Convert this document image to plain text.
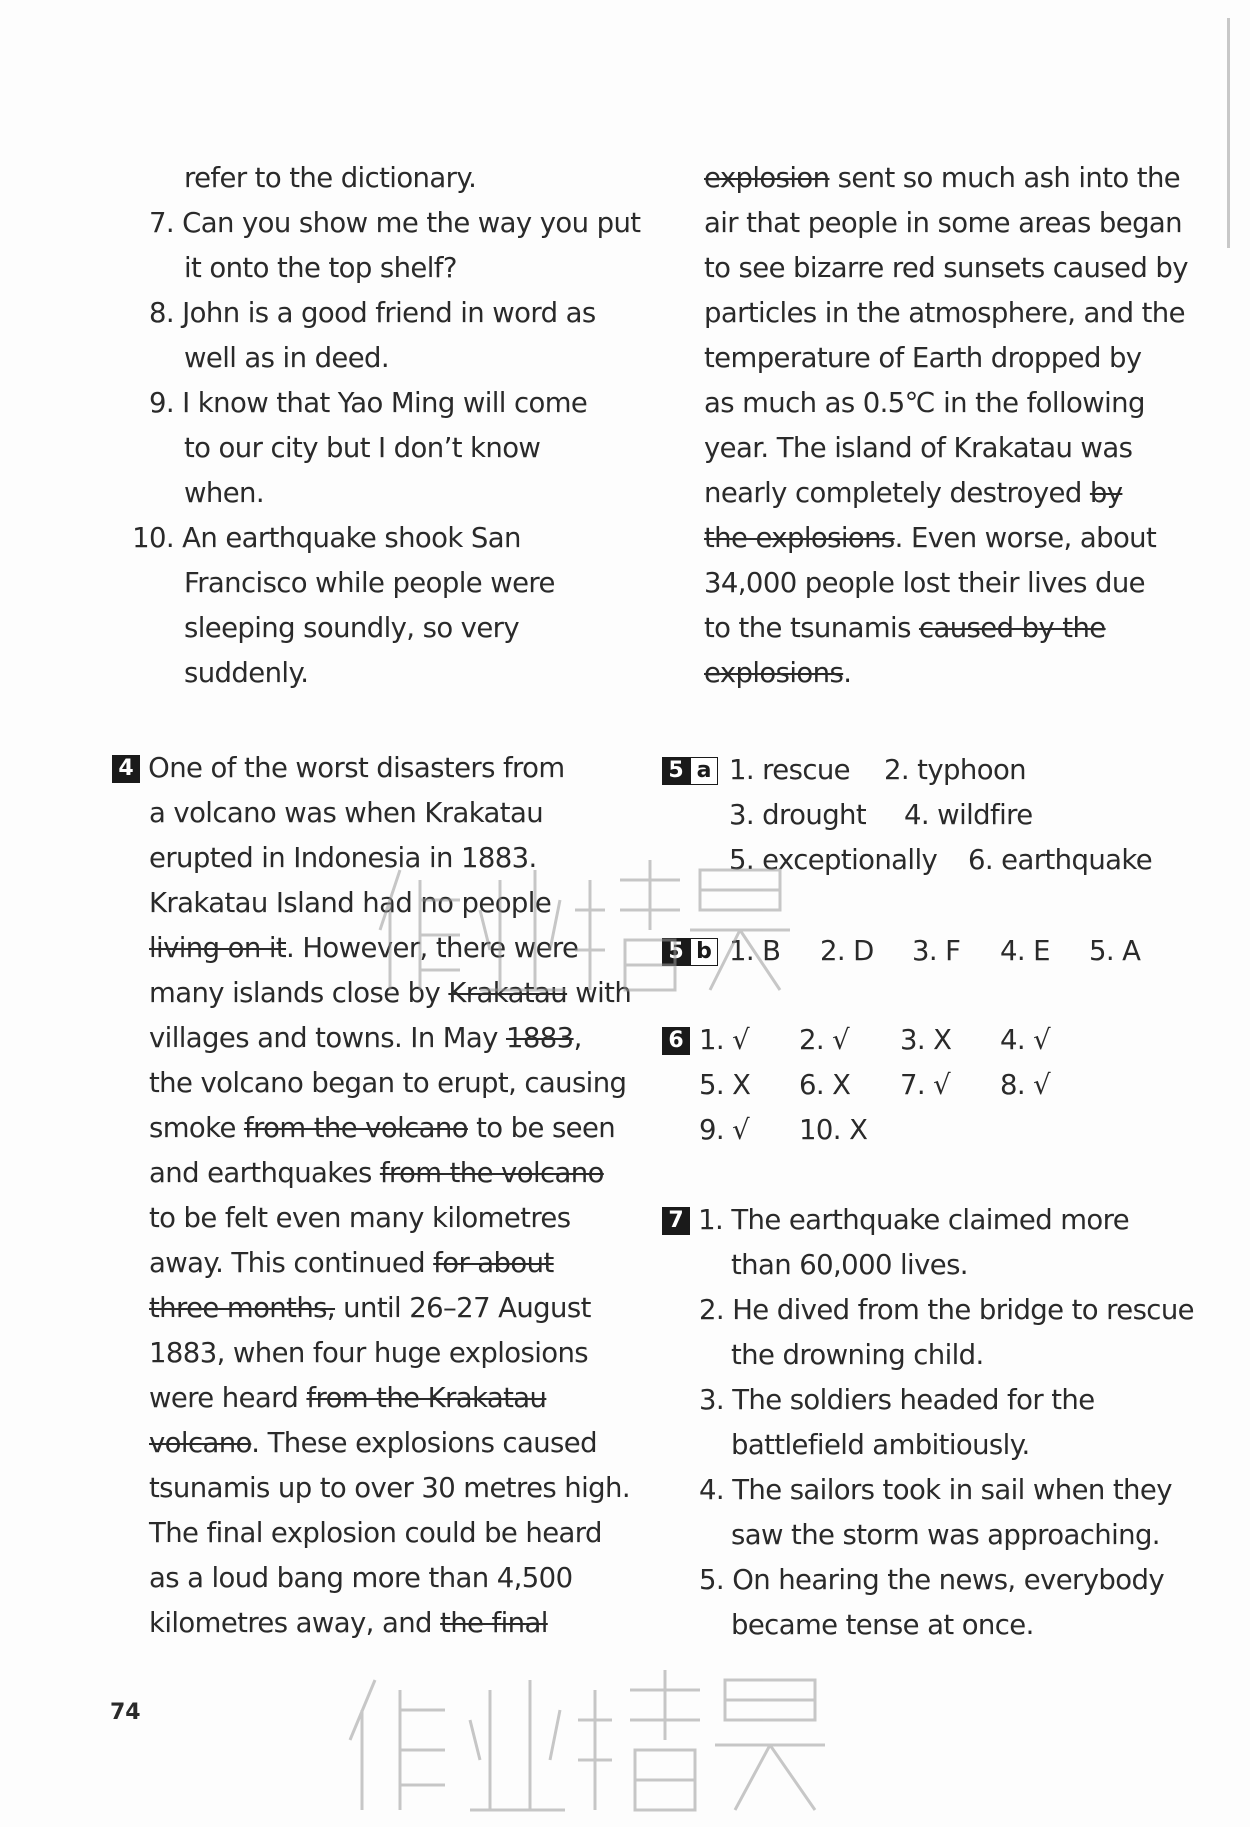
refer to the dictionary.
7. Can you show me the way you put
it onto the top shelf?
8. John is a good friend in word as
well as in deed.
9. I know that Yao Ming will come
to our city but I don’t know
when.
10. An earthquake shook San
Francisco while people were
sleeping soundly, so very
suddenly.
4 One of the worst disasters from
a volcano was when Krakatau
erupted in Indonesia in 1883.
Krakatau Island had no people
living on it. However, there were
many islands close by Krakatau with
villages and towns. In May 1883,
the volcano began to erupt, causing
smoke from the volcano to be seen
and earthquakes from the volcano
to be felt even many kilometres
away. This continued for about
three months, until 26–27 August
1883, when four huge explosions
were heard from the Krakatau
volcano. These explosions caused
tsunamis up to over 30 metres high.
The final explosion could be heard
as a loud bang more than 4,500
kilometres away, and the final
explosion sent so much ash into the
air that people in some areas began
to see bizarre red sunsets caused by
particles in the atmosphere, and the
temperature of Earth dropped by
as much as 0.5℃ in the following
year. The island of Krakatau was
nearly completely destroyed by
the explosions. Even worse, about
34,000 people lost their lives due
to the tsunamis caused by the
explosions.
5 a 1. rescue 2. typhoon
3. drought 4. wildfire
5. exceptionally 6. earthquake
5 b 1. B 2. D 3. F 4. E 5. A
6 1. √ 2. √ 3. X 4. √
5. X 6. X 7. √ 8. √
9. √ 10. X
7 1. The earthquake claimed more
than 60,000 lives.
2. He dived from the bridge to rescue
the drowning child.
3. The soldiers headed for the
battlefield ambitiously.
4. The sailors took in sail when they
saw the storm was approaching.
5. On hearing the news, everybody
became tense at once.
74
